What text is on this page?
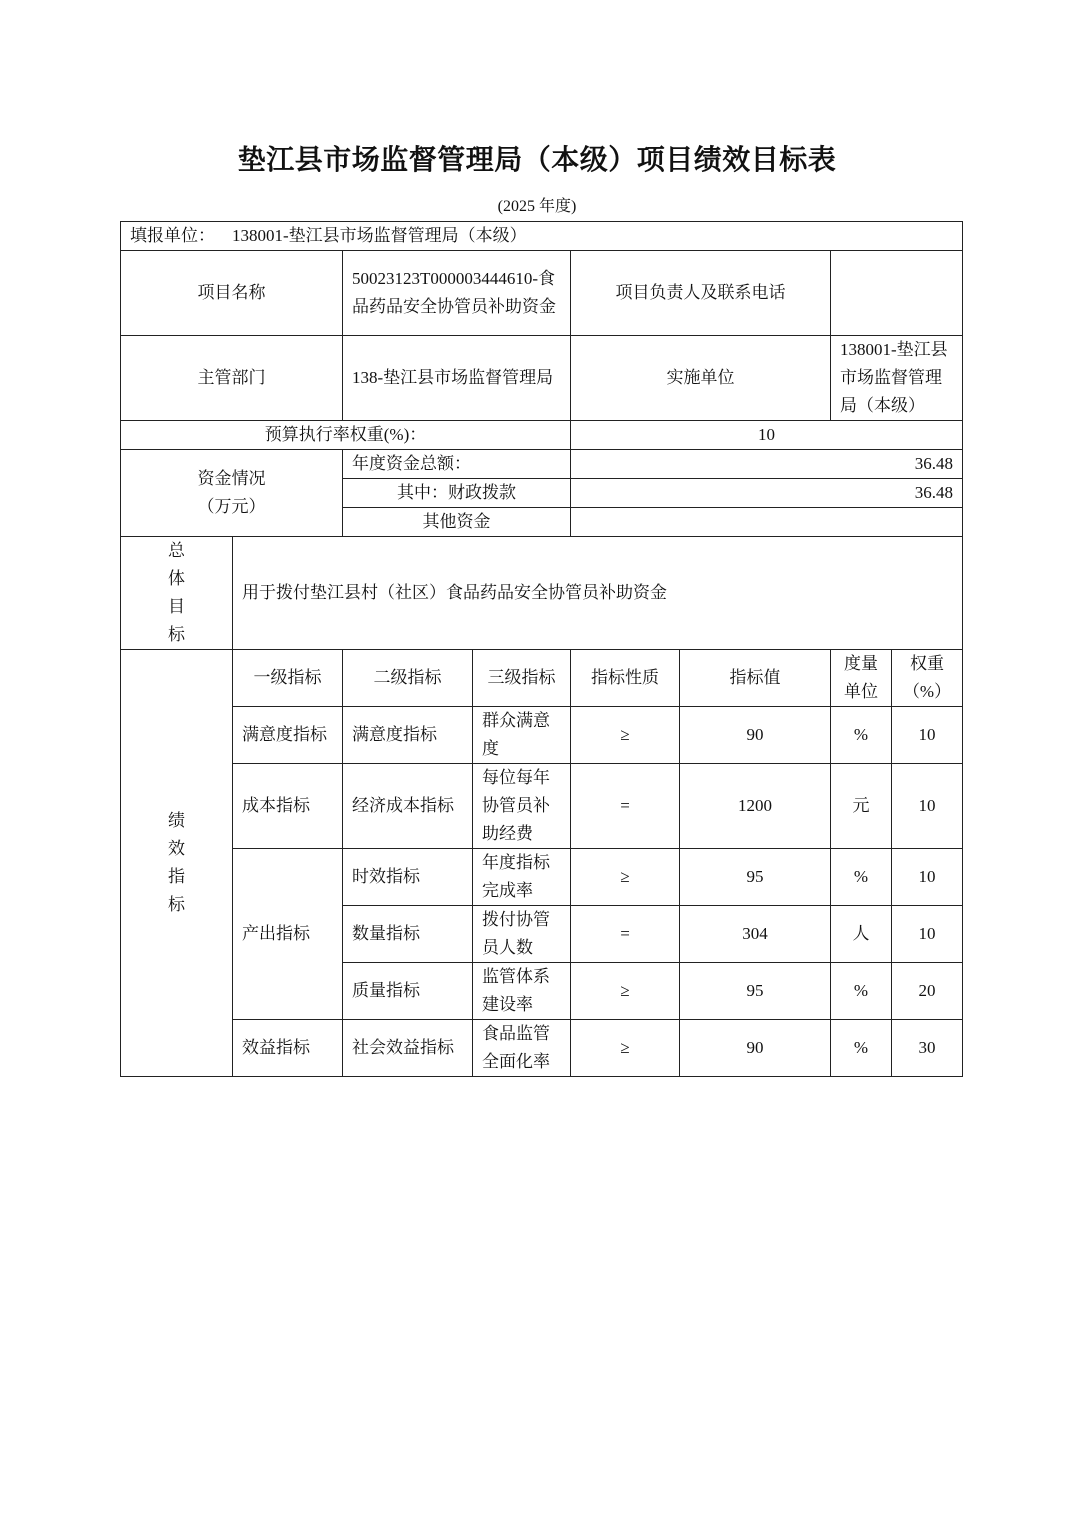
垫江县市场监督管理局（本级）项目绩效目标表
(2025 年度)
填报单位： 138001-垫江县市场监督管理局（本级）							
项目名称		50023123T000003444610-食品药品安全协管员补助资金		项目负责人及联系电话			
主管部门		138-垫江县市场监督管理局		实施单位		138001-垫江县市场监督管理局（本级）	
预算执行率权重(%)：				10			

资金情况
（万元）		年度资金总额：		36.48			
		其中：财政拨款		36.48			
		其他资金					

总体目标	用于拨付垫江县村（社区）食品药品安全协管员补助资金						

绩效指标	一级指标	二级指标	三级指标	指标性质	指标值	度量单位	权重（%）
	满意度指标	满意度指标	群众满意度	≥	90	%	10
	成本指标	经济成本指标	每位每年协管员补助经费	=	1200	元	10
	产出指标	时效指标	年度指标完成率	≥	95	%	10
		数量指标	拨付协管员人数	=	304	人	10
		质量指标	监管体系建设率	≥	95	%	20
	效益指标	社会效益指标	食品监管全面化率	≥	90	%	30
